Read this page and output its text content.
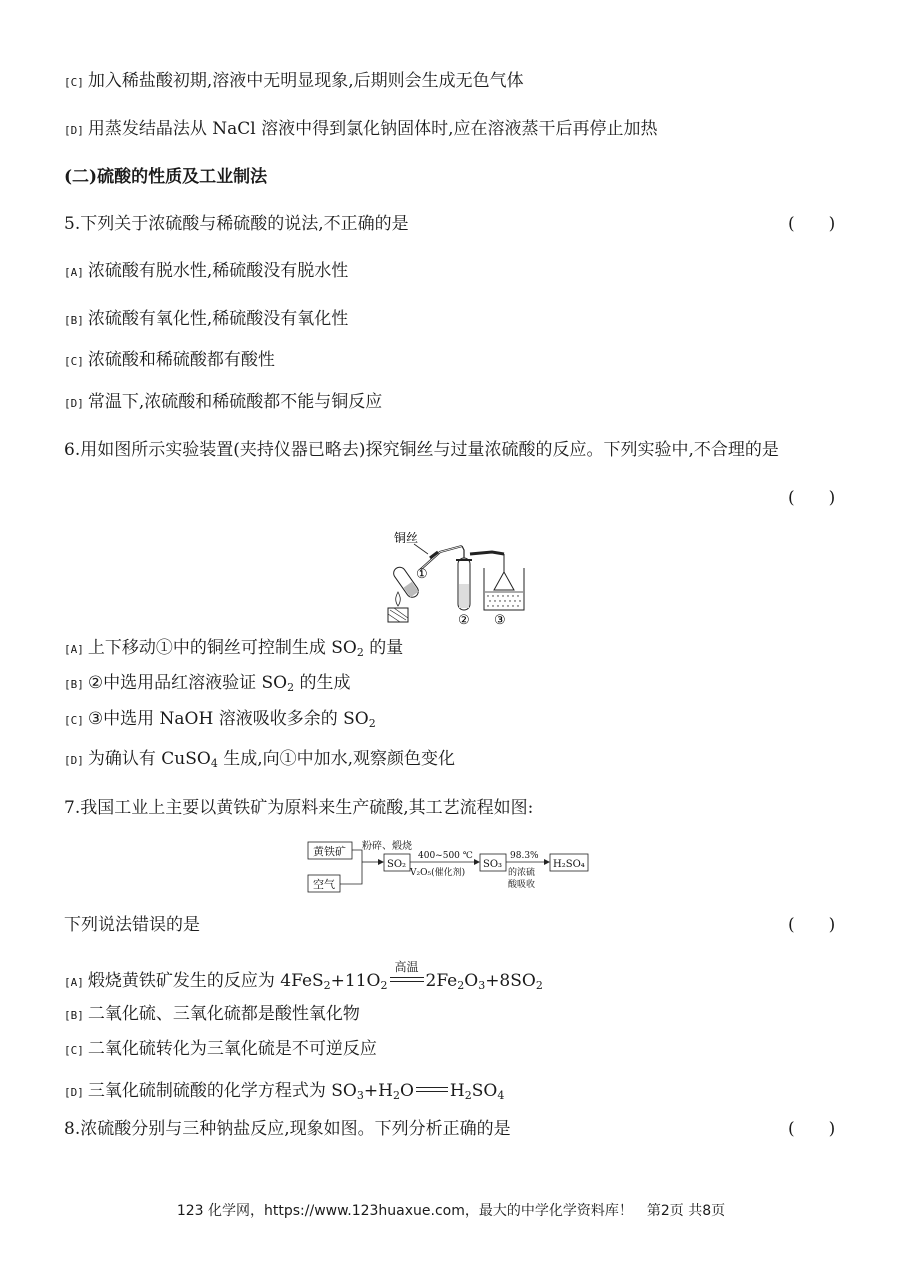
[C] 加入稀盐酸初期,溶液中无明显现象,后期则会生成无色气体
[D] 用蒸发结晶法从 NaCl 溶液中得到氯化钠固体时,应在溶液蒸干后再停止加热
(二)硫酸的性质及工业制法
5.下列关于浓硫酸与稀硫酸的说法,不正确的是	(　　)
[A] 浓硫酸有脱水性,稀硫酸没有脱水性
[B] 浓硫酸有氧化性,稀硫酸没有氧化性
[C] 浓硫酸和稀硫酸都有酸性
[D] 常温下,浓硫酸和稀硫酸都不能与铜反应
6.用如图所示实验装置(夹持仪器已略去)探究铜丝与过量浓硫酸的反应。下列实验中,不合理的是
(　　)
铜丝
①
② ③
[A] 上下移动①中的铜丝可控制生成 $SO_2$ 的量
[B] ②中选用品红溶液验证 $SO_2$ 的生成
[C] ③中选用 NaOH 溶液吸收多余的 $SO_2$
[D] 为确认有 CuSO$_4$ 生成,向①中加水,观察颜色变化
7.我国工业上主要以黄铁矿为原料来生产硫酸,其工艺流程如图:
黄铁矿
空气
粉碎、煅烧
SO₂
400~500 ℃
V₂O₅(催化剂)
SO₃
98.3%
的浓硫
酸吸收
H₂SO₄
下列说法错误的是	(　　)
[A] 煅烧黄铁矿发生的反应为 $4FeS_2+11O_2$
高温
$2Fe_2O_3+8SO_2$
[B] 二氧化硫、三氧化硫都是酸性氧化物
[C] 二氧化硫转化为三氧化硫是不可逆反应
[D] 三氧化硫制硫酸的化学方程式为 $SO_3+H_2O$ $H_2SO_4$
8.浓硫酸分别与三种钠盐反应,现象如图。下列分析正确的是	(　　)
123 化学网，https://www.123huaxue.com，最大的中学化学资料库！　第2页 共8页
